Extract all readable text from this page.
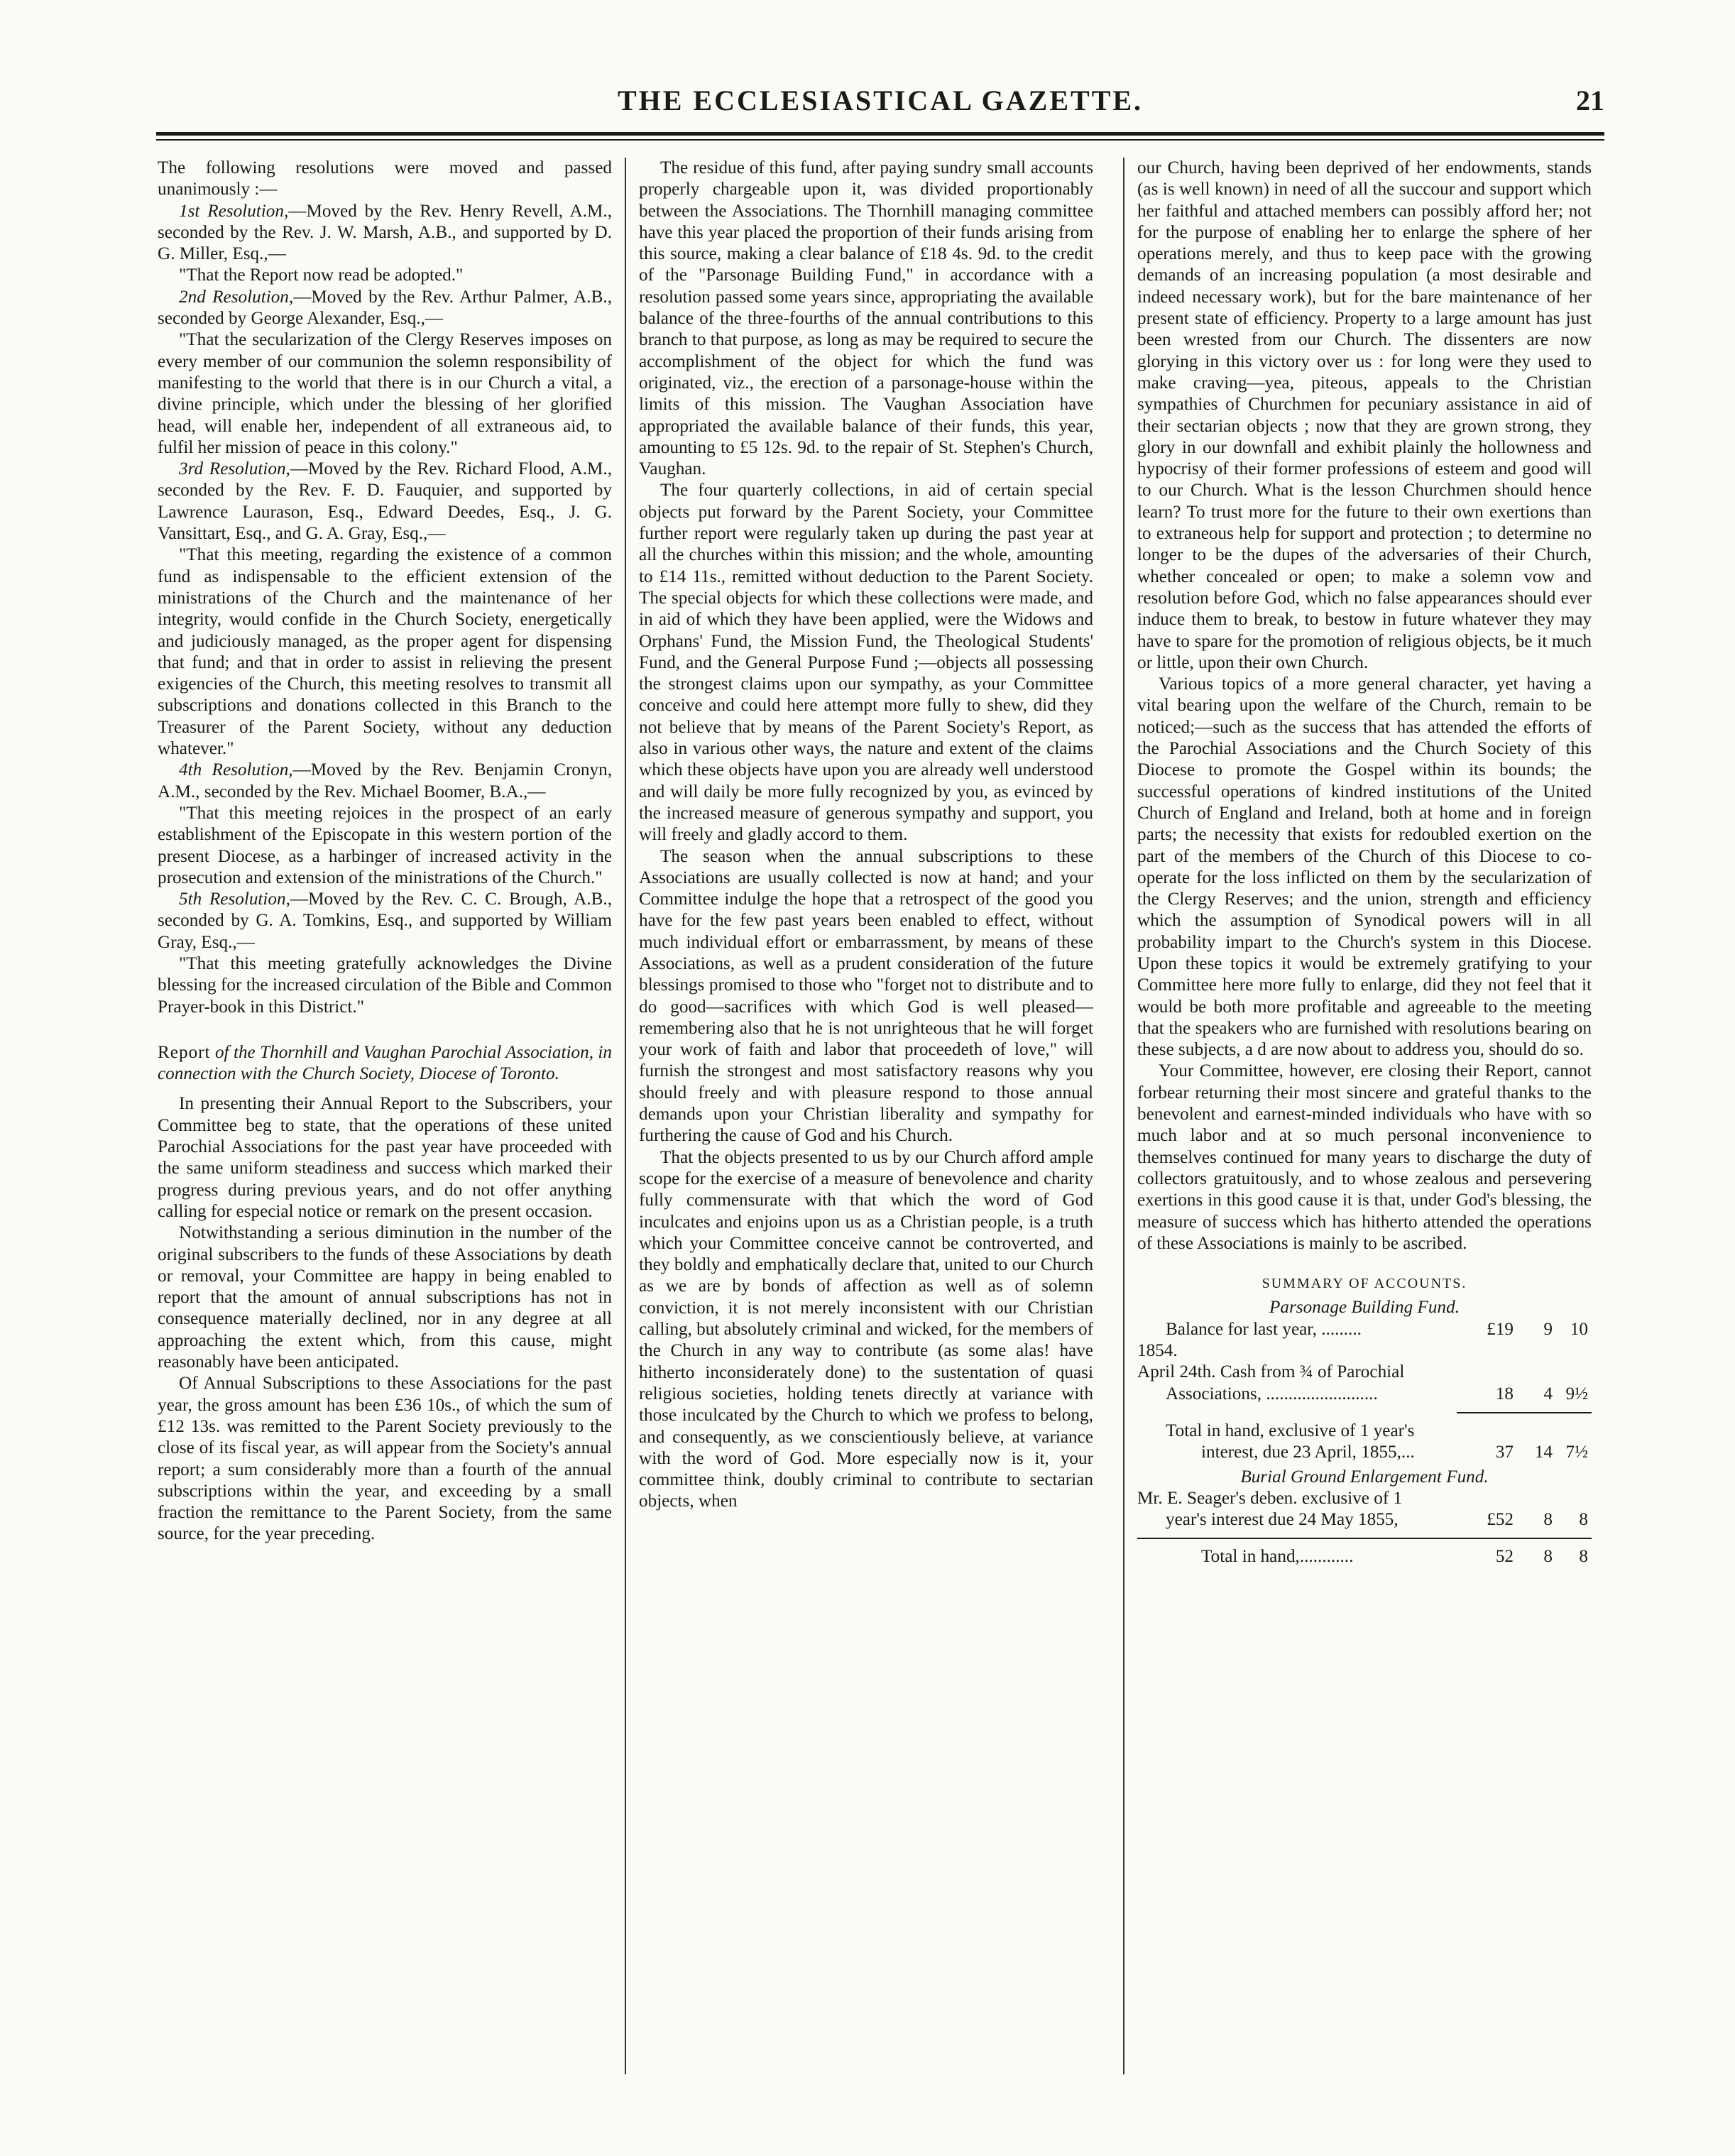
THE ECCLESIASTICAL GAZETTE.	21

The following resolutions were moved and passed unanimously :—

1st Resolution,—Moved by the Rev. Henry Revell, A.M., seconded by the Rev. J. W. Marsh, A.B., and supported by D. G. Miller, Esq.,—

"That the Report now read be adopted."

2nd Resolution,—Moved by the Rev. Arthur Palmer, A.B., seconded by George Alexander, Esq.,—

"That the secularization of the Clergy Reserves imposes on every member of our communion the solemn responsibility of manifesting to the world that there is in our Church a vital, a divine principle, which under the blessing of her glorified head, will enable her, independent of all extraneous aid, to fulfil her mission of peace in this colony."

3rd Resolution,—Moved by the Rev. Richard Flood, A.M., seconded by the Rev. F. D. Fauquier, and supported by Lawrence Laurason, Esq., Edward Deedes, Esq., J. G. Vansittart, Esq., and G. A. Gray, Esq.,—

"That this meeting, regarding the existence of a common fund as indispensable to the efficient extension of the ministrations of the Church and the maintenance of her integrity, would confide in the Church Society, energetically and judiciously managed, as the proper agent for dispensing that fund; and that in order to assist in relieving the present exigencies of the Church, this meeting resolves to transmit all subscriptions and donations collected in this Branch to the Treasurer of the Parent Society, without any deduction whatever."

4th Resolution,—Moved by the Rev. Benjamin Cronyn, A.M., seconded by the Rev. Michael Boomer, B.A.,—

"That this meeting rejoices in the prospect of an early establishment of the Episcopate in this western portion of the present Diocese, as a harbinger of increased activity in the prosecution and extension of the ministrations of the Church."

5th Resolution,—Moved by the Rev. C. C. Brough, A.B., seconded by G. A. Tomkins, Esq., and supported by William Gray, Esq.,—

"That this meeting gratefully acknowledges the Divine blessing for the increased circulation of the Bible and Common Prayer-book in this District."

Report of the Thornhill and Vaughan Parochial Association, in connection with the Church Society, Diocese of Toronto.

In presenting their Annual Report to the Subscribers, your Committee beg to state, that the operations of these united Parochial Associations for the past year have proceeded with the same uniform steadiness and success which marked their progress during previous years, and do not offer anything calling for especial notice or remark on the present occasion.

Notwithstanding a serious diminution in the number of the original subscribers to the funds of these Associations by death or removal, your Committee are happy in being enabled to report that the amount of annual subscriptions has not in consequence materially declined, nor in any degree at all approaching the extent which, from this cause, might reasonably have been anticipated.

Of Annual Subscriptions to these Associations for the past year, the gross amount has been £36 10s., of which the sum of £12 13s. was remitted to the Parent Society previously to the close of its fiscal year, as will appear from the Society's annual report; a sum considerably more than a fourth of the annual subscriptions within the year, and exceeding by a small fraction the remittance to the Parent Society, from the same source, for the year preceding.

The residue of this fund, after paying sundry small accounts properly chargeable upon it, was divided proportionably between the Associations. The Thornhill managing committee have this year placed the proportion of their funds arising from this source, making a clear balance of £18 4s. 9d. to the credit of the "Parsonage Building Fund," in accordance with a resolution passed some years since, appropriating the available balance of the three-fourths of the annual contributions to this branch to that purpose, as long as may be required to secure the accomplishment of the object for which the fund was originated, viz., the erection of a parsonage-house within the limits of this mission. The Vaughan Association have appropriated the available balance of their funds, this year, amounting to £5 12s. 9d. to the repair of St. Stephen's Church, Vaughan.

The four quarterly collections, in aid of certain special objects put forward by the Parent Society, your Committee further report were regularly taken up during the past year at all the churches within this mission; and the whole, amounting to £14 11s., remitted without deduction to the Parent Society. The special objects for which these collections were made, and in aid of which they have been applied, were the Widows and Orphans' Fund, the Mission Fund, the Theological Students' Fund, and the General Purpose Fund ;—objects all possessing the strongest claims upon our sympathy, as your Committee conceive and could here attempt more fully to shew, did they not believe that by means of the Parent Society's Report, as also in various other ways, the nature and extent of the claims which these objects have upon you are already well understood and will daily be more fully recognized by you, as evinced by the increased measure of generous sympathy and support, you will freely and gladly accord to them.

The season when the annual subscriptions to these Associations are usually collected is now at hand; and your Committee indulge the hope that a retrospect of the good you have for the few past years been enabled to effect, without much individual effort or embarrassment, by means of these Associations, as well as a prudent consideration of the future blessings promised to those who "forget not to distribute and to do good—sacrifices with which God is well pleased—remembering also that he is not unrighteous that he will forget your work of faith and labor that proceedeth of love," will furnish the strongest and most satisfactory reasons why you should freely and with pleasure respond to those annual demands upon your Christian liberality and sympathy for furthering the cause of God and his Church.

That the objects presented to us by our Church afford ample scope for the exercise of a measure of benevolence and charity fully commensurate with that which the word of God inculcates and enjoins upon us as a Christian people, is a truth which your Committee conceive cannot be controverted, and they boldly and emphatically declare that, united to our Church as we are by bonds of affection as well as of solemn conviction, it is not merely inconsistent with our Christian calling, but absolutely criminal and wicked, for the members of the Church in any way to contribute (as some alas! have hitherto inconsiderately done) to the sustentation of quasi religious societies, holding tenets directly at variance with those inculcated by the Church to which we profess to belong, and consequently, as we conscientiously believe, at variance with the word of God. More especially now is it, your committee think, doubly criminal to contribute to sectarian objects, when

our Church, having been deprived of her endowments, stands (as is well known) in need of all the succour and support which her faithful and attached members can possibly afford her; not for the purpose of enabling her to enlarge the sphere of her operations merely, and thus to keep pace with the growing demands of an increasing population (a most desirable and indeed necessary work), but for the bare maintenance of her present state of efficiency. Property to a large amount has just been wrested from our Church. The dissenters are now glorying in this victory over us : for long were they used to make craving—yea, piteous, appeals to the Christian sympathies of Churchmen for pecuniary assistance in aid of their sectarian objects ; now that they are grown strong, they glory in our downfall and exhibit plainly the hollowness and hypocrisy of their former professions of esteem and good will to our Church. What is the lesson Churchmen should hence learn? To trust more for the future to their own exertions than to extraneous help for support and protection ; to determine no longer to be the dupes of the adversaries of their Church, whether concealed or open; to make a solemn vow and resolution before God, which no false appearances should ever induce them to break, to bestow in future whatever they may have to spare for the promotion of religious objects, be it much or little, upon their own Church.

Various topics of a more general character, yet having a vital bearing upon the welfare of the Church, remain to be noticed;—such as the success that has attended the efforts of the Parochial Associations and the Church Society of this Diocese to promote the Gospel within its bounds; the successful operations of kindred institutions of the United Church of England and Ireland, both at home and in foreign parts; the necessity that exists for redoubled exertion on the part of the members of the Church of this Diocese to co-operate for the loss inflicted on them by the secularization of the Clergy Reserves; and the union, strength and efficiency which the assumption of Synodical powers will in all probability impart to the Church's system in this Diocese. Upon these topics it would be extremely gratifying to your Committee here more fully to enlarge, did they not feel that it would be both more profitable and agreeable to the meeting that the speakers who are furnished with resolutions bearing on these subjects, a d are now about to address you, should do so.

Your Committee, however, ere closing their Report, cannot forbear returning their most sincere and grateful thanks to the benevolent and earnest-minded individuals who have with so much labor and at so much personal inconvenience to themselves continued for many years to discharge the duty of collectors gratuitously, and to whose zealous and persevering exertions in this good cause it is that, under God's blessing, the measure of success which has hitherto attended the operations of these Associations is mainly to be ascribed.

SUMMARY OF ACCOUNTS.
Parsonage Building Fund.
Balance for last year, .........	£19	9 10
1854.
April 24th. Cash from ¾ of Parochial
Associations, .........................	18	4 9½
Total in hand, exclusive of 1 year's
interest, due 23 April, 1855,...	37	14 7½
Burial Ground Enlargement Fund.
Mr. E. Seager's deben. exclusive of 1
year's interest due 24 May 1855,	£52	8	8
Total in hand,............	52	8	8
